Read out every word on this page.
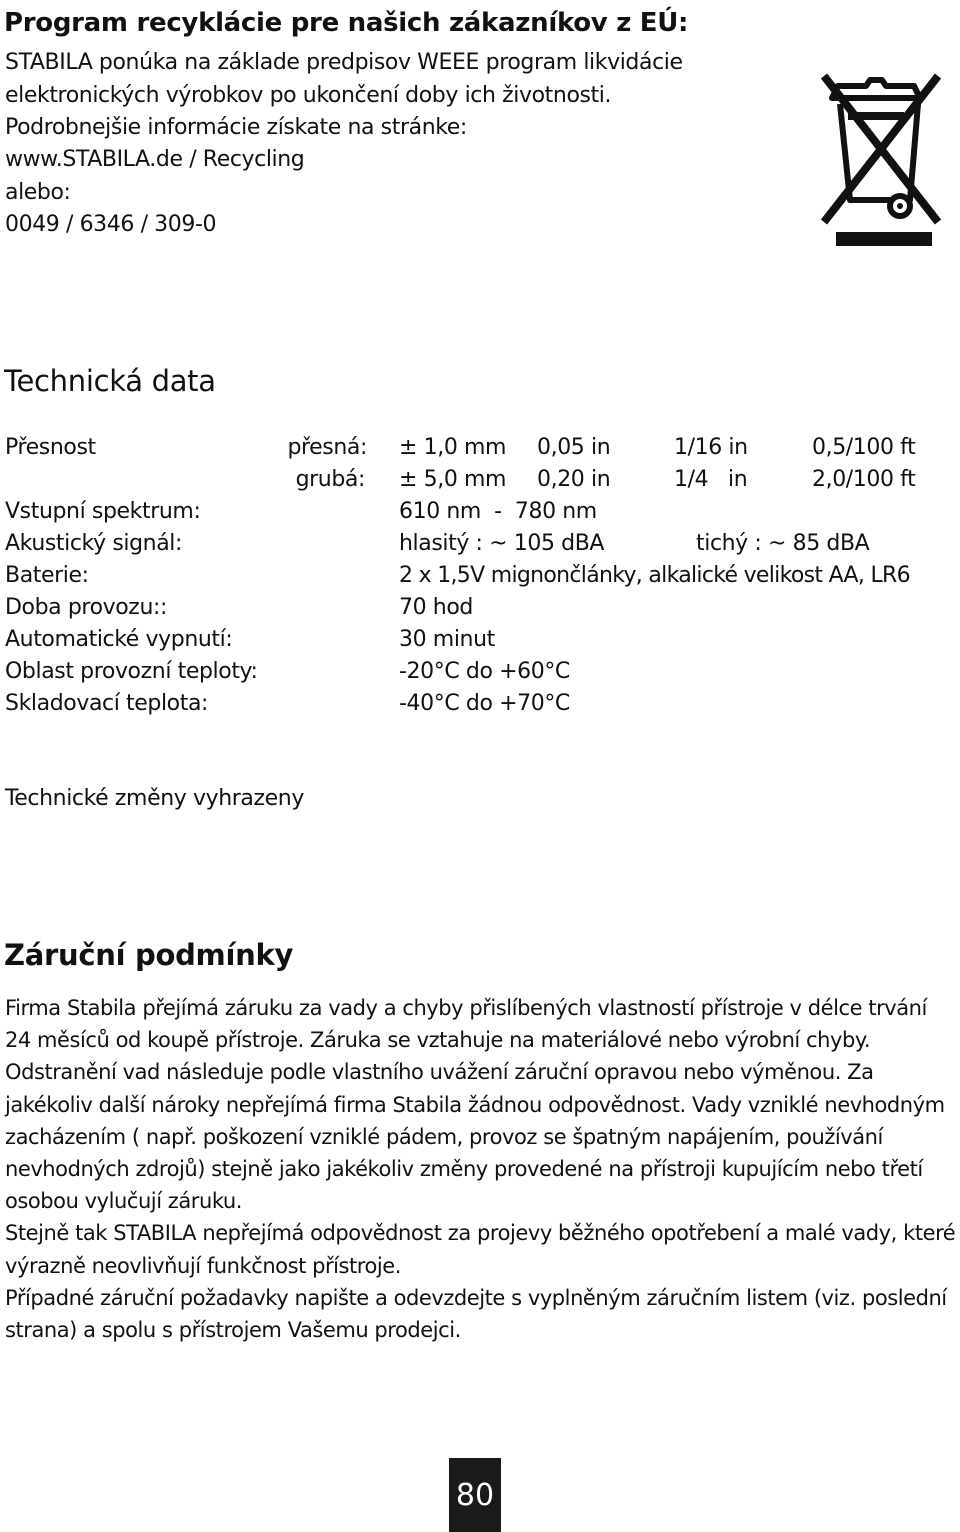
Program recyklácie pre našich zákazníkov z EÚ:
STABILA ponúka na základe predpisov WEEE program likvidácie
elektronických výrobkov po ukončení doby ich životnosti.
Podrobnejšie informácie získate na stránke:
www.STABILA.de / Recycling
alebo:
0049 / 6346 / 309-0
Technická data
Přesnost	přesná: ± 1,0 mm 0,05 in	1/16 in	0,5/100 ft
grubá: ± 5,0 mm 0,20 in	1/4   in	2,0/100 ft
Vstupní spektrum:	610 nm  -  780 nm
Akustický signál:	hlasitý : ~ 105 dBA	tichý : ~ 85 dBA
Baterie:	2 x 1,5V mignončlánky, alkalické velikost AA, LR6
Doba provozu::	70 hod
Automatické vypnutí:	30 minut
Oblast provozní teploty:	-20°C do +60°C
Skladovací teplota:	-40°C do +70°C
Technické změny vyhrazeny
Záruční podmínky

Firma Stabila přejímá záruku za vady a chyby přislíbených vlastností přístroje v délce trvání 24 měsíců od koupě přístroje. Záruka se vztahuje na materiálové nebo výrobní chyby. Odstranění vad následuje podle vlastního uvážení záruční opravou nebo výměnou. Za jakékoliv další nároky nepřejímá firma Stabila žádnou odpovědnost. Vady vzniklé nevhodným zacházením ( např. poškození vzniklé pádem, provoz se špatným napájením, používání nevhodných zdrojů) stejně jako jakékoliv změny provedené na přístroji kupujícím nebo třetí osobou vylučují záruku.

Stejně tak STABILA nepřejímá odpovědnost za projevy běžného opotřebení a malé vady, které výrazně neovlivňují funkčnost přístroje.

Případné záruční požadavky napište a odevzdejte s vyplněným záručním listem (viz. poslední strana) a spolu s přístrojem Vašemu prodejci.

80
